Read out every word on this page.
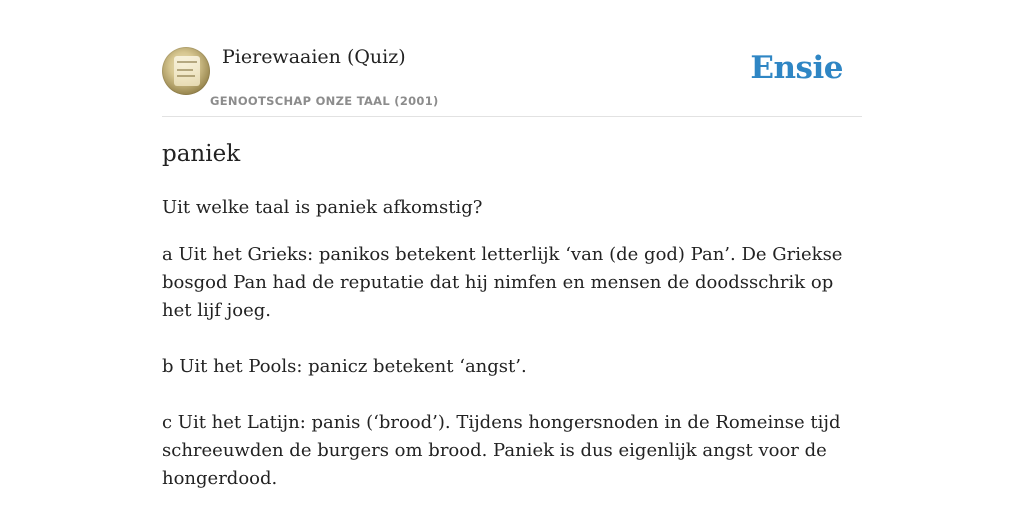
Pierewaaien (Quiz)
GENOOTSCHAP ONZE TAAL (2001)
Ensie
paniek

Uit welke taal is paniek afkomstig?

a Uit het Grieks: panikos betekent letterlijk ‘van (de god) Pan’. De Griekse bosgod Pan had de reputatie dat hij nimfen en mensen de doodsschrik op het lijf joeg.

b Uit het Pools: panicz betekent ‘angst’.

c Uit het Latijn: panis (‘brood’). Tijdens hongersnoden in de Romeinse tijd schreeuwden de burgers om brood. Paniek is dus eigenlijk angst voor de hongerdood.
